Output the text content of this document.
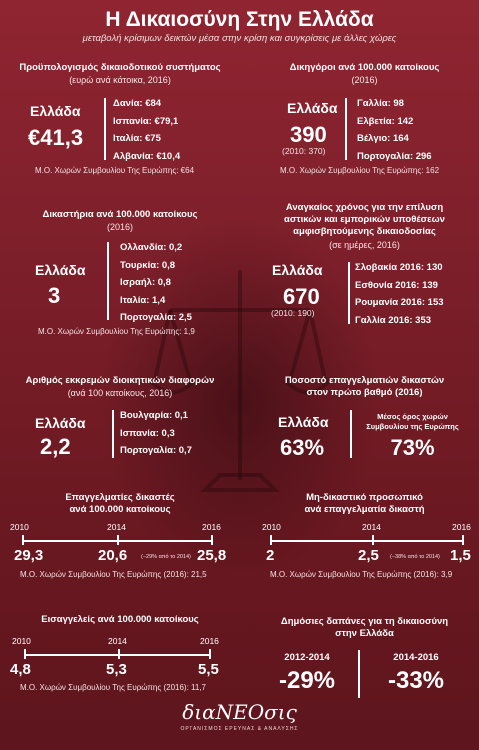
Η Δικαιοσύνη Στην Ελλάδα
μεταβολή κρίσιμων δεικτών μέσα στην κρίση και συγκρίσεις με άλλες χώρες
Προϋπολογισμός δικαιοδοτικού συστήματος
(ευρώ ανά κάτοικα, 2016)
Ελλάδα
€41,3
Δανία: €84
Ισπανία: €79,1
Ιταλία: €75
Αλβανία: €10,4
Μ.Ο. Χωρών Συμβουλίου Της Ευρώπης: €64
Δικηγόροι ανά 100.000 κατοίκους
(2016)
Ελλάδα
390
(2010: 370)
Γαλλία: 98
Ελβετία: 142
Βέλγιο: 164
Πορτογαλία: 296
Μ.Ο. Χωρών Συμβουλίου Της Ευρώπης: 162
Δικαστήρια ανά 100.000 κατοίκους
(2016)
Ελλάδα
3
Ολλανδία: 0,2
Τουρκία: 0,8
Ισραήλ: 0,8
Ιταλία: 1,4
Πορτογαλία: 2,5
Μ.Ο. Χωρών Συμβουλίου Της Ευρώπης: 1,9
Αναγκαίος χρόνος για την επίλυση
αστικών και εμπορικών υποθέσεων
αμφισβητούμενης δικαιοδοσίας
(σε ημέρες, 2016)
Ελλάδα
670
(2010: 190)
Σλοβακία 2016: 130
Εσθονία 2016: 139
Ρουμανία 2016: 153
Γαλλία 2016: 353
Αριθμός εκκρεμών διοικητικών διαφορών
(ανά 100 κατοίκους, 2016)
Ελλάδα
2,2
Βουλγαρία: 0,1
Ισπανία: 0,3
Πορτογαλία: 0,7
Ποσοστό επαγγελματιών δικαστών
στον πρώτο βαθμό (2016)
Ελλάδα
63%
Μέσος όρος χωρών
Συμβουλίου της Ευρώπης
73%
Επαγγελματίες δικαστές
ανά 100.000 κατοίκους
2010	2014	2016
29,3	20,6	(−29% από το 2014) 25,8
Μ.Ο. Χωρών Συμβουλίου Της Ευρώπης (2016): 21,5
Μη-δικαστικό προσωπικό
ανά επαγγελματία δικαστή
2010	2014	2016
2	2,5 (−38% από το 2014) 1,5
Μ.Ο. Χωρών Συμβουλίου Της Ευρώπης (2016): 3,9
Εισαγγελείς ανά 100.000 κατοίκους
2010	2014	2016
4,8	5,3	5,5
Μ.Ο. Χωρών Συμβουλίου Της Ευρώπης (2016): 11,7
Δημόσιες δαπάνες για τη δικαιοσύνη
στην Ελλάδα
2012-2014
-29%
2014-2016
-33%
διαΝΕΟσις
ΟΡΓΑΝΙΣΜΟΣ ΕΡΕΥΝΑΣ & ΑΝΑΛΥΣΗΣ
